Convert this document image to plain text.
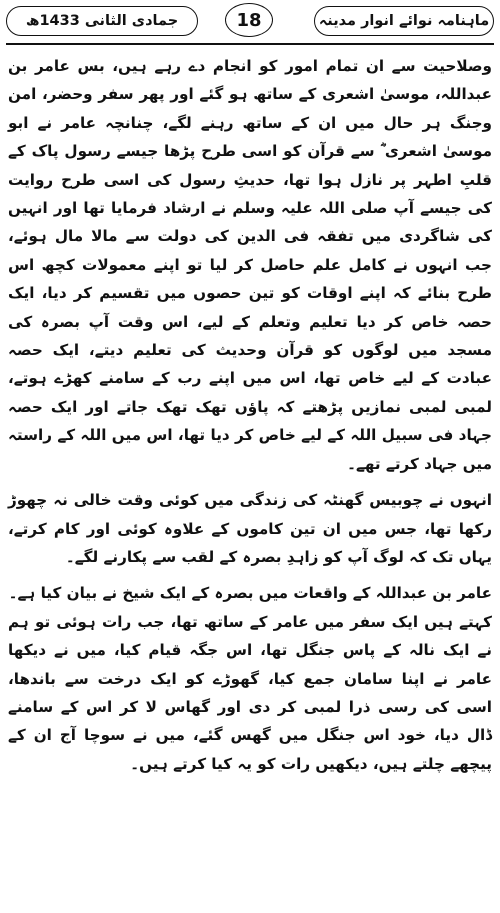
جمادی الثانی 1433ھ	18	ماہنامہ نوائے انوار مدینہ

وصلاحیت سے ان تمام امور کو انجام دے رہے ہیں، بس عامر بن عبداللہ، موسیٰ اشعری کے ساتھ ہو گئے اور پھر سفر وحضر، امن وجنگ ہر حال میں ان کے ساتھ رہنے لگے، چنانچہ عامر نے ابو موسیٰ اشعری ؓ سے قرآن کو اسی طرح پڑھا جیسے رسول پاک کے قلبِ اطہر پر نازل ہوا تھا، حدیثِ رسول کی اسی طرح روایت کی جیسے آپ صلی اللہ علیہ وسلم نے ارشاد فرمایا تھا اور انہیں کی شاگردی میں تفقہ فی الدین کی دولت سے مالا مال ہوئے، جب انہوں نے کامل علم حاصل کر لیا تو اپنے معمولات کچھ اس طرح بنائے کہ اپنے اوقات کو تین حصوں میں تقسیم کر دیا، ایک حصہ خاص کر دیا تعلیم وتعلم کے لیے، اس وقت آپ بصرہ کی مسجد میں لوگوں کو قرآن وحدیث کی تعلیم دیتے، ایک حصہ عبادت کے لیے خاص تھا، اس میں اپنے رب کے سامنے کھڑے ہوتے، لمبی لمبی نمازیں پڑھتے کہ پاؤں تھک تھک جاتے اور ایک حصہ جہاد فی سبیل اللہ کے لیے خاص کر دیا تھا، اس میں اللہ کے راستہ میں جہاد کرتے تھے۔

انہوں نے چوبیس گھنٹہ کی زندگی میں کوئی وقت خالی نہ چھوڑ رکھا تھا، جس میں ان تین کاموں کے علاوہ کوئی اور کام کرتے، یہاں تک کہ لوگ آپ کو زاہدِ بصرہ کے لقب سے پکارنے لگے۔

عامر بن عبداللہ کے واقعات میں بصرہ کے ایک شیخ نے بیان کیا ہے۔

کہتے ہیں ایک سفر میں عامر کے ساتھ تھا، جب رات ہوئی تو ہم نے ایک نالہ کے پاس جنگل تھا، اس جگہ قیام کیا، میں نے دیکھا عامر نے اپنا سامان جمع کیا، گھوڑے کو ایک درخت سے باندھا، اسی کی رسی ذرا لمبی کر دی اور گھاس لا کر اس کے سامنے ڈال دیا، خود اس جنگل میں گھس گئے، میں نے سوچا آج ان کے پیچھے چلتے ہیں، دیکھیں رات کو یہ کیا کرتے ہیں۔
